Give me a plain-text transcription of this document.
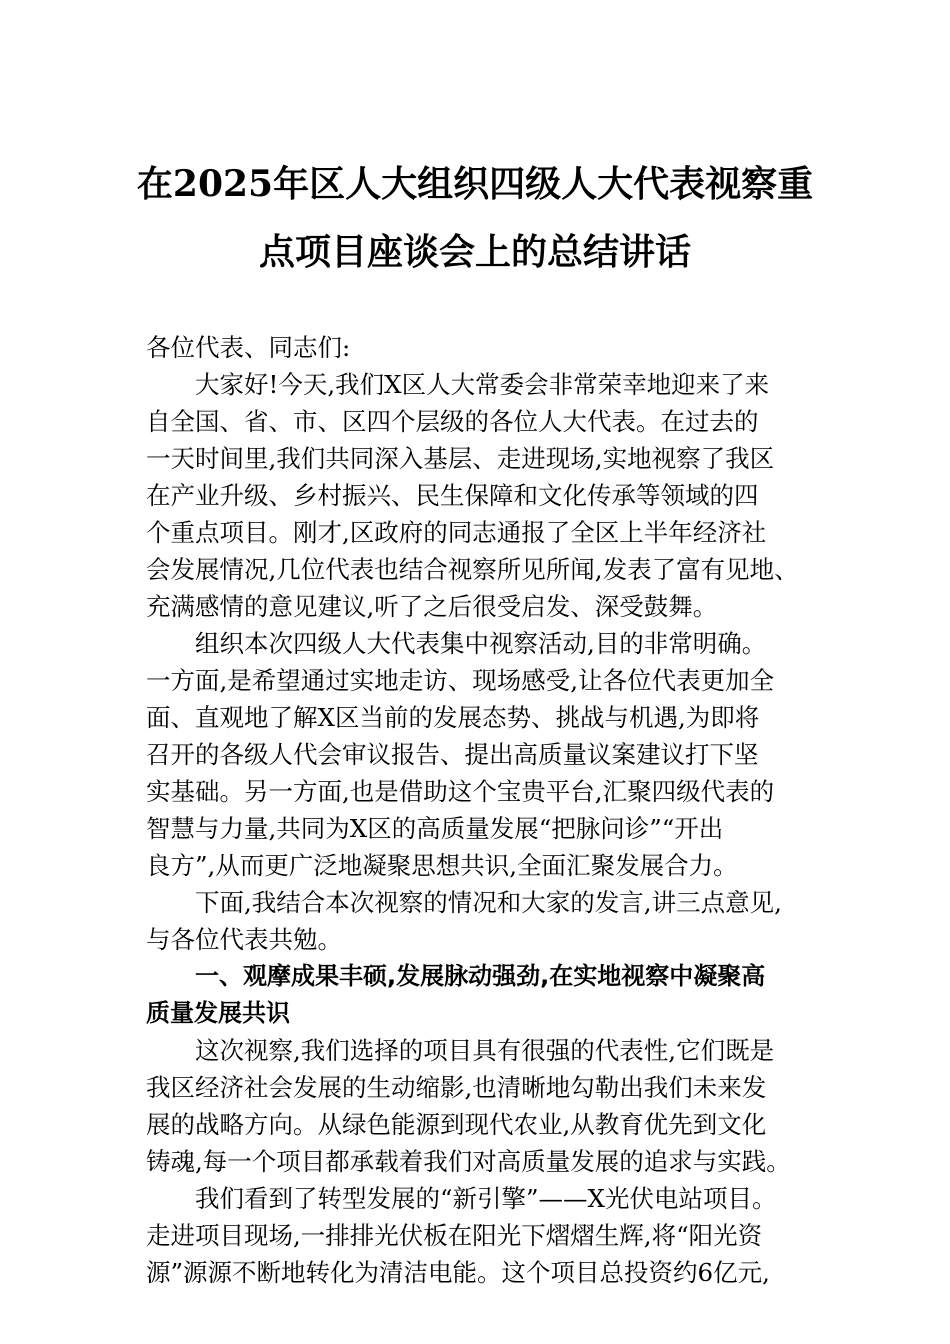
在2025年区人大组织四级人大代表视察重
点项目座谈会上的总结讲话

各位代表、同志们:

大家好!今天,我们X区人大常委会非常荣幸地迎来了来
自全国、省、市、区四个层级的各位人大代表。在过去的
一天时间里,我们共同深入基层、走进现场,实地视察了我区
在产业升级、乡村振兴、民生保障和文化传承等领域的四
个重点项目。刚才,区政府的同志通报了全区上半年经济社
会发展情况,几位代表也结合视察所见所闻,发表了富有见地、
充满感情的意见建议,听了之后很受启发、深受鼓舞。

组织本次四级人大代表集中视察活动,目的非常明确。
一方面,是希望通过实地走访、现场感受,让各位代表更加全
面、直观地了解X区当前的发展态势、挑战与机遇,为即将
召开的各级人代会审议报告、提出高质量议案建议打下坚
实基础。另一方面,也是借助这个宝贵平台,汇聚四级代表的
智慧与力量,共同为X区的高质量发展“把脉问诊”“开出
良方”,从而更广泛地凝聚思想共识,全面汇聚发展合力。

下面,我结合本次视察的情况和大家的发言,讲三点意见,
与各位代表共勉。

一、观摩成果丰硕,发展脉动强劲,在实地视察中凝聚高
质量发展共识

这次视察,我们选择的项目具有很强的代表性,它们既是
我区经济社会发展的生动缩影,也清晰地勾勒出我们未来发
展的战略方向。从绿色能源到现代农业,从教育优先到文化
铸魂,每一个项目都承载着我们对高质量发展的追求与实践。

我们看到了转型发展的“新引擎”——X光伏电站项目。
走进项目现场,一排排光伏板在阳光下熠熠生辉,将“阳光资
源”源源不断地转化为清洁电能。这个项目总投资约6亿元,
